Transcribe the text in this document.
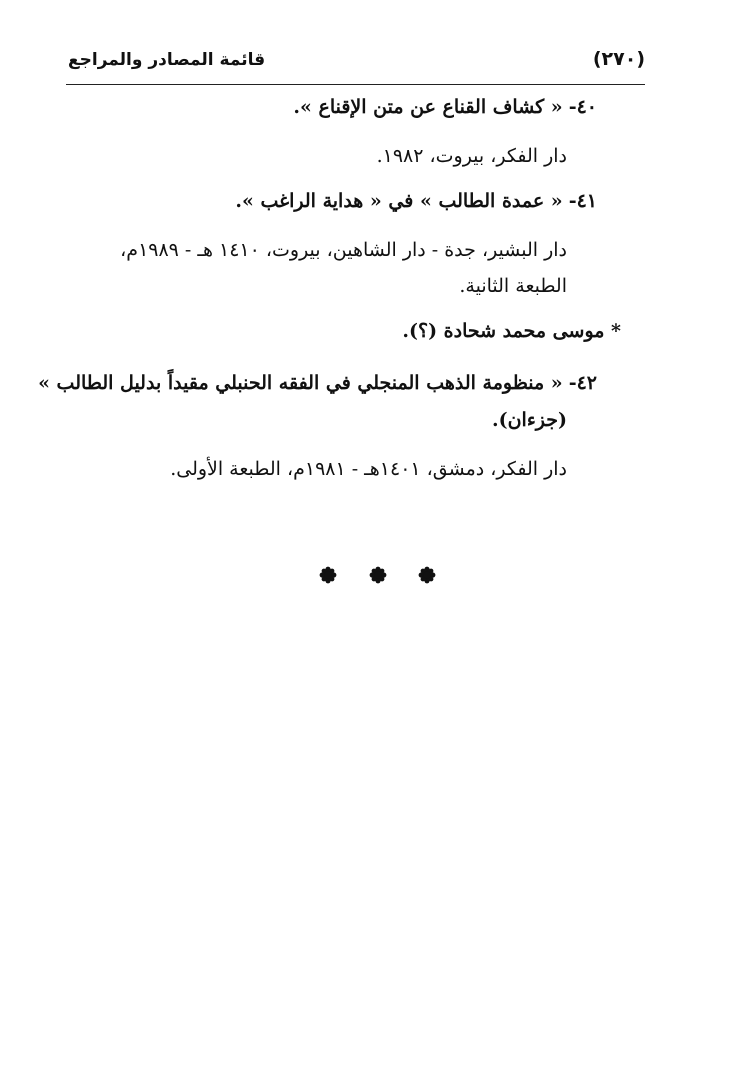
(٢٧٠)
قائمة المصادر والمراجع
٤٠-« كشاف القناع عن متن الإقناع ».
دار الفكر، بيروت، ١٩٨٢.
٤١-« عمدة الطالب » في « هداية الراغب ».
دار البشير، جدة - دار الشاهين، بيروت، ١٤١٠ هـ - ١٩٨٩م،
الطبعة الثانية.
* موسى محمد شحادة (؟).
٤٢-« منظومة الذهب المنجلي في الفقه الحنبلي مقيداً بدليل الطالب »
(جزءان).
دار الفكر، دمشق، ١٤٠١هـ - ١٩٨١م، الطبعة الأولى.
